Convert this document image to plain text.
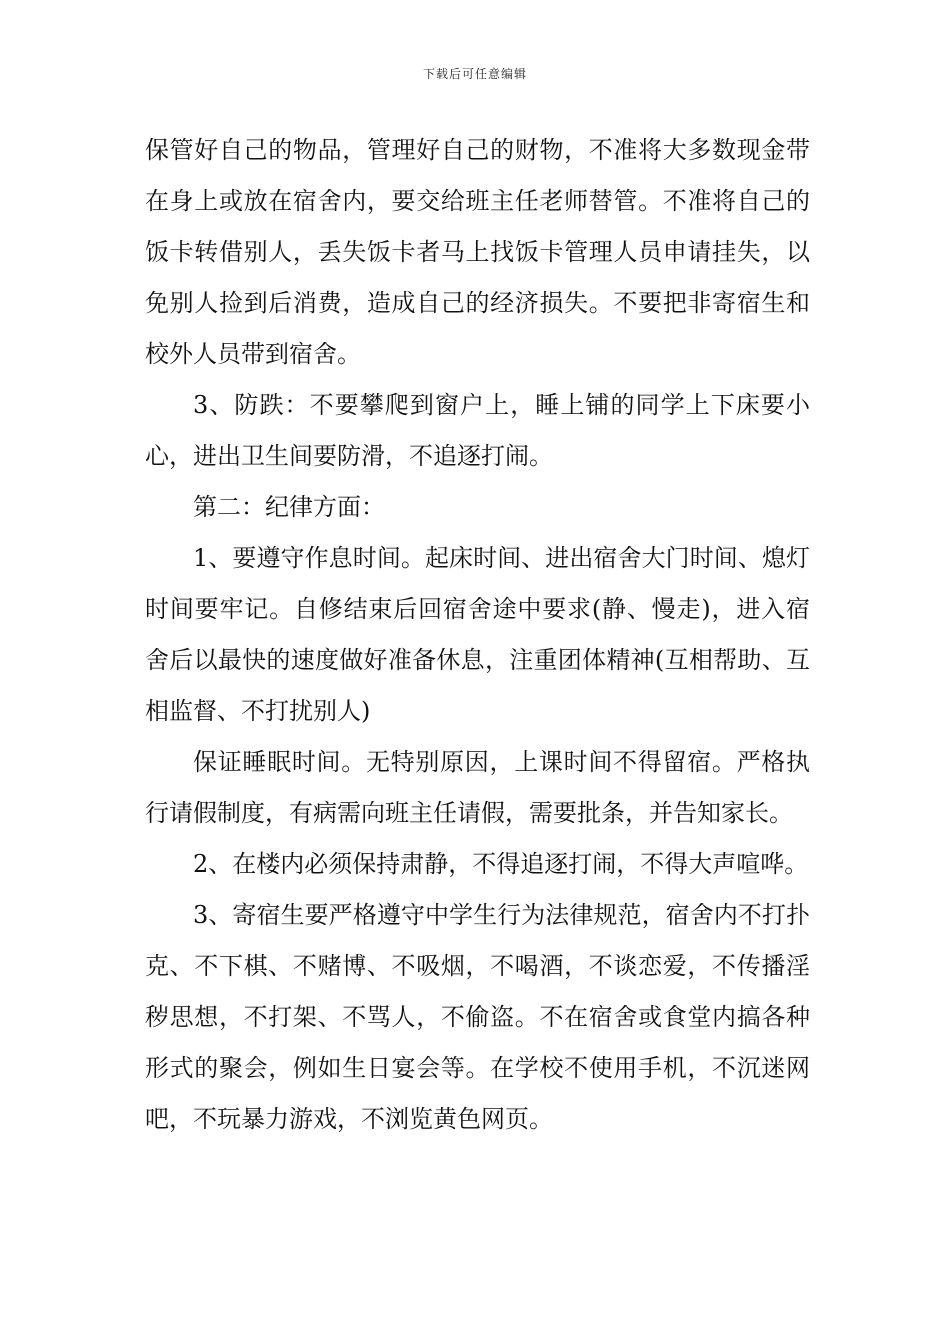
下载后可任意编辑

保管好自己的物品，管理好自己的财物，不准将大多数现金带在身上或放在宿舍内，要交给班主任老师替管。不准将自己的饭卡转借别人，丢失饭卡者马上找饭卡管理人员申请挂失，以免别人捡到后消费，造成自己的经济损失。不要把非寄宿生和校外人员带到宿舍。

3、防跌：不要攀爬到窗户上，睡上铺的同学上下床要小心，进出卫生间要防滑，不追逐打闹。

第二：纪律方面：

1、要遵守作息时间。起床时间、进出宿舍大门时间、熄灯时间要牢记。自修结束后回宿舍途中要求(静、慢走)，进入宿舍后以最快的速度做好准备休息，注重团体精神(互相帮助、互相监督、不打扰别人)

保证睡眠时间。无特别原因，上课时间不得留宿。严格执行请假制度，有病需向班主任请假，需要批条，并告知家长。

2、在楼内必须保持肃静，不得追逐打闹，不得大声喧哗。

3、寄宿生要严格遵守中学生行为法律规范，宿舍内不打扑克、不下棋、不赌博、不吸烟，不喝酒，不谈恋爱，不传播淫秽思想，不打架、不骂人，不偷盗。不在宿舍或食堂内搞各种形式的聚会，例如生日宴会等。在学校不使用手机，不沉迷网吧，不玩暴力游戏，不浏览黄色网页。
